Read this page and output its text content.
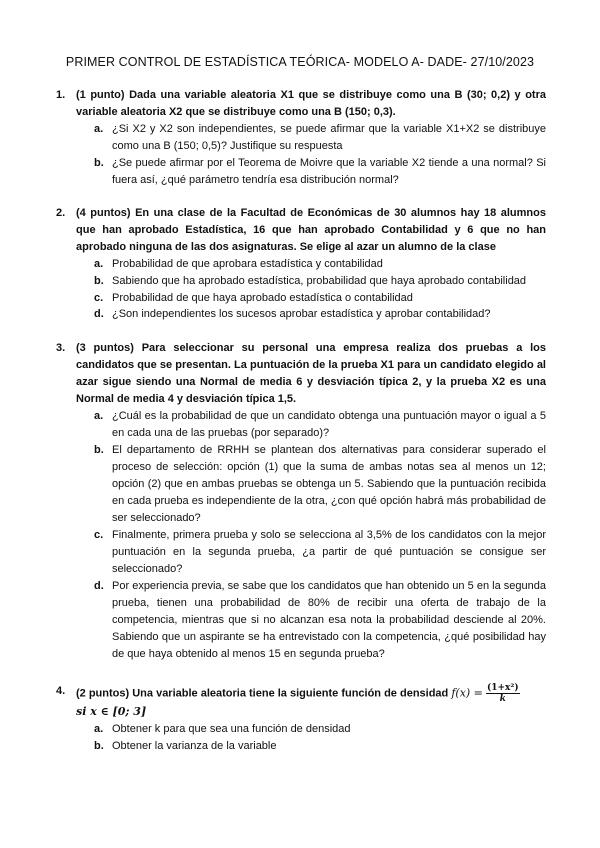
PRIMER CONTROL DE ESTADÍSTICA TEÓRICA- MODELO A- DADE- 27/10/2023
1. (1 punto) Dada una variable aleatoria X1 que se distribuye como una B (30; 0,2) y otra variable aleatoria X2 que se distribuye como una B (150; 0,3).
a. ¿Si X2 y X2 son independientes, se puede afirmar que la variable X1+X2 se distribuye como una B (150; 0,5)? Justifique su respuesta
b. ¿Se puede afirmar por el Teorema de Moivre que la variable X2 tiende a una normal? Si fuera así, ¿qué parámetro tendría esa distribución normal?
2. (4 puntos) En una clase de la Facultad de Económicas de 30 alumnos hay 18 alumnos que han aprobado Estadística, 16 que han aprobado Contabilidad y 6 que no han aprobado ninguna de las dos asignaturas. Se elige al azar un alumno de la clase
a. Probabilidad de que aprobara estadística y contabilidad
b. Sabiendo que ha aprobado estadística, probabilidad que haya aprobado contabilidad
c. Probabilidad de que haya aprobado estadística o contabilidad
d. ¿Son independientes los sucesos aprobar estadística y aprobar contabilidad?
3. (3 puntos) Para seleccionar su personal una empresa realiza dos pruebas a los candidatos que se presentan. La puntuación de la prueba X1 para un candidato elegido al azar sigue siendo una Normal de media 6 y desviación típica 2, y la prueba X2 es una Normal de media 4 y desviación típica 1,5.
a. ¿Cuál es la probabilidad de que un candidato obtenga una puntuación mayor o igual a 5 en cada una de las pruebas (por separado)?
b. El departamento de RRHH se plantean dos alternativas para considerar superado el proceso de selección: opción (1) que la suma de ambas notas sea al menos un 12; opción (2) que en ambas pruebas se obtenga un 5. Sabiendo que la puntuación recibida en cada prueba es independiente de la otra, ¿con qué opción habrá más probabilidad de ser seleccionado?
c. Finalmente, primera prueba y solo se selecciona al 3,5% de los candidatos con la mejor puntuación en la segunda prueba, ¿a partir de qué puntuación se consigue ser seleccionado?
d. Por experiencia previa, se sabe que los candidatos que han obtenido un 5 en la segunda prueba, tienen una probabilidad de 80% de recibir una oferta de trabajo de la competencia, mientras que si no alcanzan esa nota la probabilidad desciende al 20%. Sabiendo que un aspirante se ha entrevistado con la competencia, ¿qué posibilidad hay de que haya obtenido al menos 15 en segunda prueba?
4. (2 puntos) Una variable aleatoria tiene la siguiente función de densidad $f(x) = \frac{\text{(1+x²)}}{k}$
si x ∈ [0; 3]
a. Obtener k para que sea una función de densidad
b. Obtener la varianza de la variable
